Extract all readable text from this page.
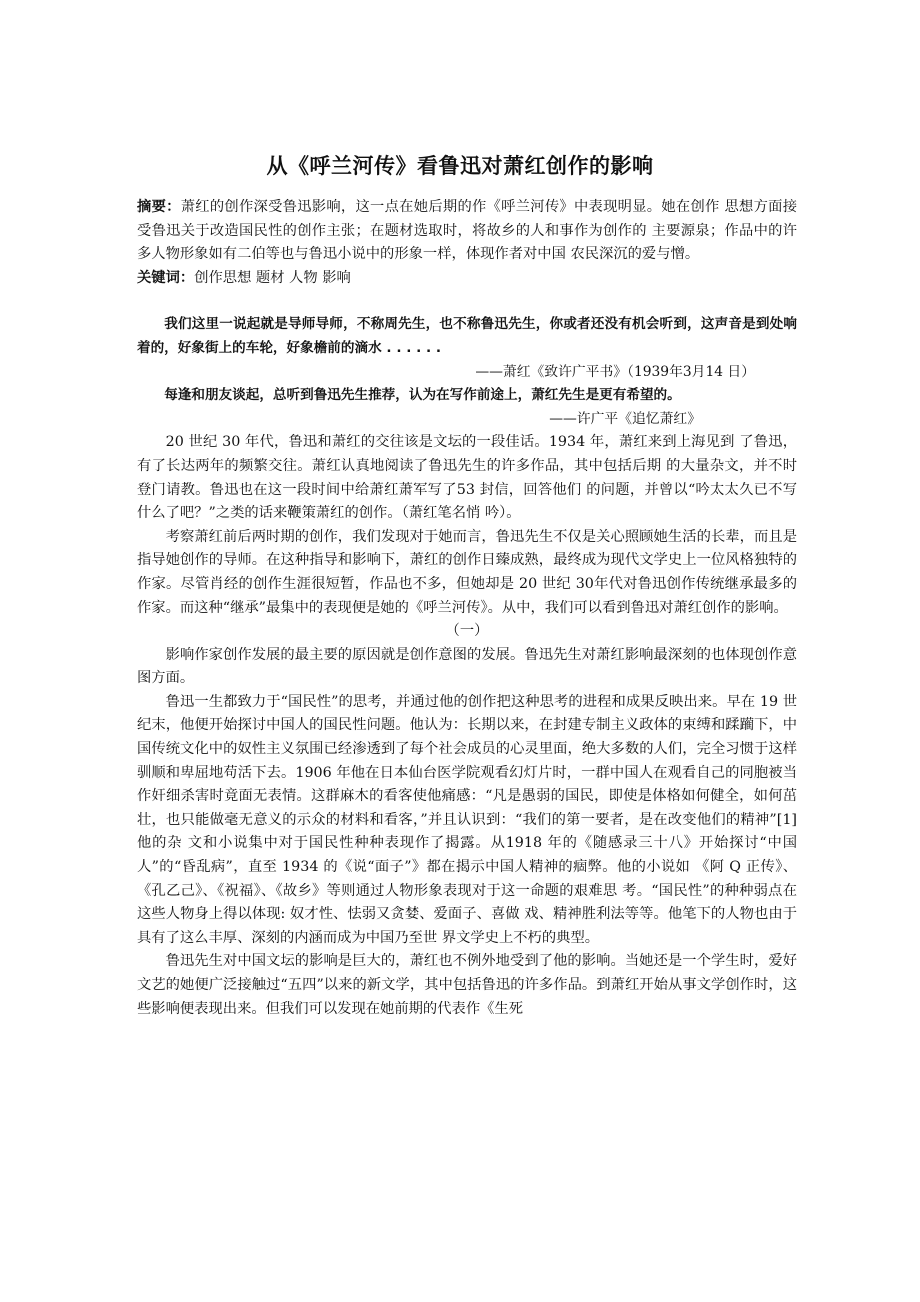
从《呼兰河传》看鲁迅对萧红创作的影响

摘要：萧红的创作深受鲁迅影响，这一点在她后期的作《呼兰河传》中表现明显。她在创作 思想方面接受鲁迅关于改造国民性的创作主张；在题材选取时，将故乡的人和事作为创作的 主要源泉；作品中的许多人物形象如有二伯等也与鲁迅小说中的形象一样，体现作者对中国 农民深沉的爱与憎。

关键词：创作思想 题材 人物 影响

我们这里一说起就是导师导师，不称周先生，也不称鲁迅先生，你或者还没有机会听到，这声音是到处响着的，好象街上的车轮，好象檐前的滴水 . . . . . .

——萧红《致许广平书》（1939年3月14 日）

每逢和朋友谈起，总听到鲁迅先生推荐，认为在写作前途上，萧红先生是更有希望的。

——许广平《追忆萧红》

20 世纪 30 年代，鲁迅和萧红的交往该是文坛的一段佳话。1934 年，萧红来到上海见到 了鲁迅，有了长达两年的频繁交往。萧红认真地阅读了鲁迅先生的许多作品，其中包括后期 的大量杂文，并不时登门请教。鲁迅也在这一段时间中给萧红萧军写了53 封信，回答他们 的问题，并曾以“吟太太久已不写什么了吧？”之类的话来鞭策萧红的创作。（萧红笔名悄 吟）。

考察萧红前后两时期的创作，我们发现对于她而言，鲁迅先生不仅是关心照顾她生活的长辈，而且是指导她创作的导师。在这种指导和影响下，萧红的创作日臻成熟，最终成为现代文学史上一位风格独特的作家。尽管肖经的创作生涯很短暂，作品也不多，但她却是 20 世纪 30年代对鲁迅创作传统继承最多的作家。而这种“继承”最集中的表现便是她的《呼兰河传》。从中，我们可以看到鲁迅对萧红创作的影响。

（一）

影响作家创作发展的最主要的原因就是创作意图的发展。鲁迅先生对萧红影响最深刻的也体现创作意图方面。

鲁迅一生都致力于“国民性”的思考，并通过他的创作把这种思考的进程和成果反映出来。早在 19 世纪末，他便开始探讨中国人的国民性问题。他认为：长期以来，在封建专制主义政体的束缚和蹂躏下，中国传统文化中的奴性主义氛围已经渗透到了每个社会成员的心灵里面，绝大多数的人们，完全习惯于这样驯顺和卑屈地苟活下去。1906 年他在日本仙台医学院观看幻灯片时，一群中国人在观看自己的同胞被当作奸细杀害时竟面无表情。这群麻木的看客使他痛感：“凡是愚弱的国民，即使是体格如何健全，如何茁壮，也只能做毫无意义的示众的材料和看客，”并且认识到：“我们的第一要者，是在改变他们的精神”[1]他的杂 文和小说集中对于国民性种种表现作了揭露。从1918 年的《随感录三十八》开始探讨“中国人”的“昏乱病”，直至 1934 的《说“面子”》都在揭示中国人精神的痼弊。他的小说如 《阿 Q 正传》、《孔乙己》、《祝福》、《故乡》等则通过人物形象表现对于这一命题的艰难思 考。“国民性”的种种弱点在这些人物身上得以体现: 奴才性、怯弱又贪婪、爱面子、喜做 戏、精神胜利法等等。他笔下的人物也由于具有了这么丰厚、深刻的内涵而成为中国乃至世 界文学史上不朽的典型。

鲁迅先生对中国文坛的影响是巨大的，萧红也不例外地受到了他的影响。当她还是一个学生时，爱好文艺的她便广泛接触过“五四”以来的新文学，其中包括鲁迅的许多作品。到萧红开始从事文学创作时，这些影响便表现出来。但我们可以发现在她前期的代表作《生死
